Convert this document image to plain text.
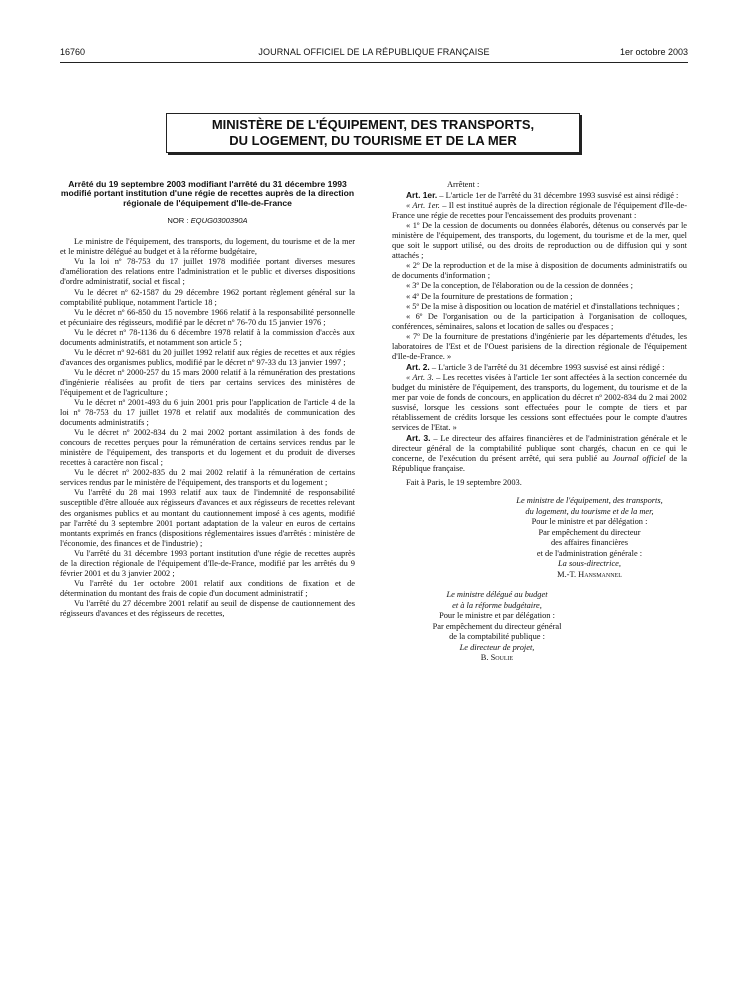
16760	JOURNAL OFFICIEL DE LA RÉPUBLIQUE FRANÇAISE	1er octobre 2003
MINISTÈRE DE L'ÉQUIPEMENT, DES TRANSPORTS,
DU LOGEMENT, DU TOURISME ET DE LA MER

Arrêté du 19 septembre 2003 modifiant l'arrêté du 31 décembre 1993 modifié portant institution d'une régie de recettes auprès de la direction régionale de l'équipement d'Ile-de-France

NOR : EQUG0300390A

Le ministre de l'équipement, des transports, du logement, du tourisme et de la mer et le ministre délégué au budget et à la réforme budgétaire,

Vu la loi nº 78-753 du 17 juillet 1978 modifiée portant diverses mesures d'amélioration des relations entre l'administration et le public et diverses dispositions d'ordre administratif, social et fiscal ;

Vu le décret nº 62-1587 du 29 décembre 1962 portant règlement général sur la comptabilité publique, notamment l'article 18 ;

Vu le décret nº 66-850 du 15 novembre 1966 relatif à la responsabilité personnelle et pécuniaire des régisseurs, modifié par le décret nº 76-70 du 15 janvier 1976 ;

Vu le décret nº 78-1136 du 6 décembre 1978 relatif à la commission d'accès aux documents administratifs, et notamment son article 5 ;

Vu le décret nº 92-681 du 20 juillet 1992 relatif aux régies de recettes et aux régies d'avances des organismes publics, modifié par le décret nº 97-33 du 13 janvier 1997 ;

Vu le décret nº 2000-257 du 15 mars 2000 relatif à la rémunération des prestations d'ingénierie réalisées au profit de tiers par certains services des ministères de l'équipement et de l'agriculture ;

Vu le décret nº 2001-493 du 6 juin 2001 pris pour l'application de l'article 4 de la loi nº 78-753 du 17 juillet 1978 et relatif aux modalités de communication des documents administratifs ;

Vu le décret nº 2002-834 du 2 mai 2002 portant assimilation à des fonds de concours de recettes perçues pour la rémunération de certains services rendus par le ministère de l'équipement, des transports et du logement et du produit de diverses recettes à caractère non fiscal ;

Vu le décret nº 2002-835 du 2 mai 2002 relatif à la rémunération de certains services rendus par le ministère de l'équipement, des transports et du logement ;

Vu l'arrêté du 28 mai 1993 relatif aux taux de l'indemnité de responsabilité susceptible d'être allouée aux régisseurs d'avances et aux régisseurs de recettes relevant des organismes publics et au montant du cautionnement imposé à ces agents, modifié par l'arrêté du 3 septembre 2001 portant adaptation de la valeur en euros de certains montants exprimés en francs (dispositions réglementaires issues d'arrêtés : ministère de l'économie, des finances et de l'industrie) ;

Vu l'arrêté du 31 décembre 1993 portant institution d'une régie de recettes auprès de la direction régionale de l'équipement d'Ile-de-France, modifié par les arrêtés du 9 février 2001 et du 3 janvier 2002 ;

Vu l'arrêté du 1er octobre 2001 relatif aux conditions de fixation et de détermination du montant des frais de copie d'un document administratif ;

Vu l'arrêté du 27 décembre 2001 relatif au seuil de dispense de cautionnement des régisseurs d'avances et des régisseurs de recettes,

Arrêtent :

Art. 1er. – L'article 1er de l'arrêté du 31 décembre 1993 susvisé est ainsi rédigé :

« Art. 1er. – Il est institué auprès de la direction régionale de l'équipement d'Ile-de-France une régie de recettes pour l'encaissement des produits provenant :

« 1º De la cession de documents ou données élaborés, détenus ou conservés par le ministère de l'équipement, des transports, du logement, du tourisme et de la mer, quel que soit le support utilisé, ou des droits de reproduction ou de diffusion qui y sont attachés ;

« 2º De la reproduction et de la mise à disposition de documents administratifs ou de documents d'information ;

« 3º De la conception, de l'élaboration ou de la cession de données ;

« 4º De la fourniture de prestations de formation ;

« 5º De la mise à disposition ou location de matériel et d'installations techniques ;

« 6º De l'organisation ou de la participation à l'organisation de colloques, conférences, séminaires, salons et location de salles ou d'espaces ;

« 7º De la fourniture de prestations d'ingénierie par les départements d'études, les laboratoires de l'Est et de l'Ouest parisiens de la direction régionale de l'équipement d'Ile-de-France. »

Art. 2. – L'article 3 de l'arrêté du 31 décembre 1993 susvisé est ainsi rédigé :

« Art. 3. – Les recettes visées à l'article 1er sont affectées à la section concernée du budget du ministère de l'équipement, des transports, du logement, du tourisme et de la mer par voie de fonds de concours, en application du décret nº 2002-834 du 2 mai 2002 susvisé, lorsque les cessions sont effectuées pour le compte de tiers et par rétablissement de crédits lorsque les cessions sont effectuées pour le compte d'autres services de l'Etat. »

Art. 3. – Le directeur des affaires financières et de l'administration générale et le directeur général de la comptabilité publique sont chargés, chacun en ce qui le concerne, de l'exécution du présent arrêté, qui sera publié au Journal officiel de la République française.

Fait à Paris, le 19 septembre 2003.

Le ministre de l'équipement, des transports,
du logement, du tourisme et de la mer,
Pour le ministre et par délégation :
Par empêchement du directeur
des affaires financières
et de l'administration générale :
La sous-directrice,
M.-T. Hansmannel
Le ministre délégué au budget
et à la réforme budgétaire,
Pour le ministre et par délégation :
Par empêchement du directeur général
de la comptabilité publique :
Le directeur de projet,
B. Soulie
